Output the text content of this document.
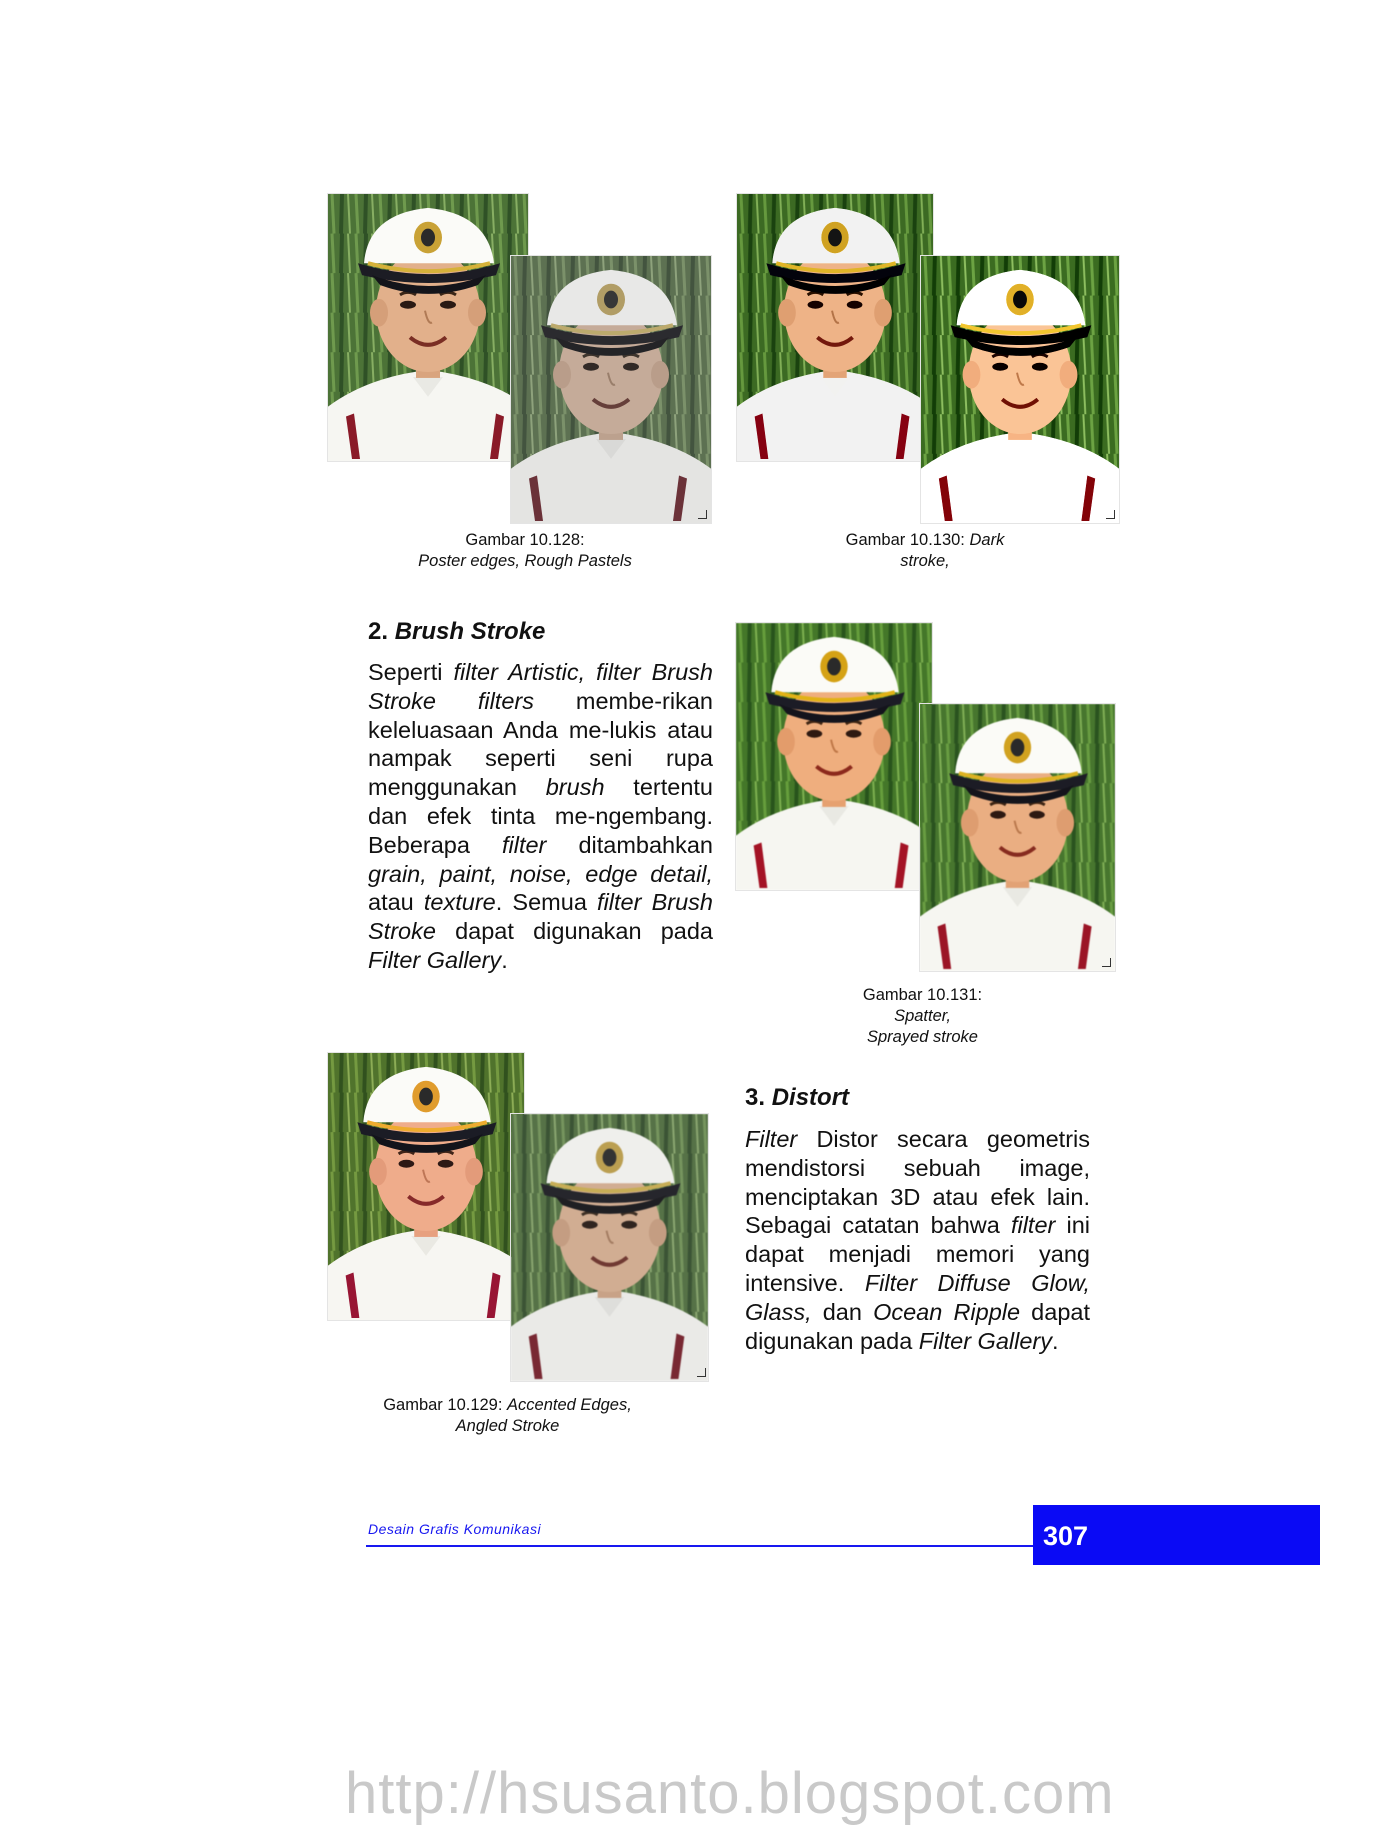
Gambar 10.128:
Poster edges, Rough Pastels
Gambar 10.130: Dark
stroke,
2. Brush Stroke

Seperti filter Artistic, filter Brush Stroke filters membe-rikan keleluasaan Anda me-lukis atau nampak seperti seni rupa menggunakan brush tertentu dan efek tinta me-ngembang. Beberapa filter ditambahkan grain, paint, noise, edge detail, atau texture. Semua filter Brush Stroke dapat digunakan pada Filter Gallery.

Gambar 10.131:
Spatter,
Sprayed stroke
Gambar 10.129: Accented Edges,
Angled Stroke
3. Distort

Filter Distor secara geometris mendistorsi sebuah image, menciptakan 3D atau efek lain. Sebagai catatan bahwa filter ini dapat menjadi memori yang intensive. Filter Diffuse Glow, Glass, dan Ocean Ripple dapat digunakan pada Filter Gallery.

Desain Grafis Komunikasi	307
http://hsusanto.blogspot.com
